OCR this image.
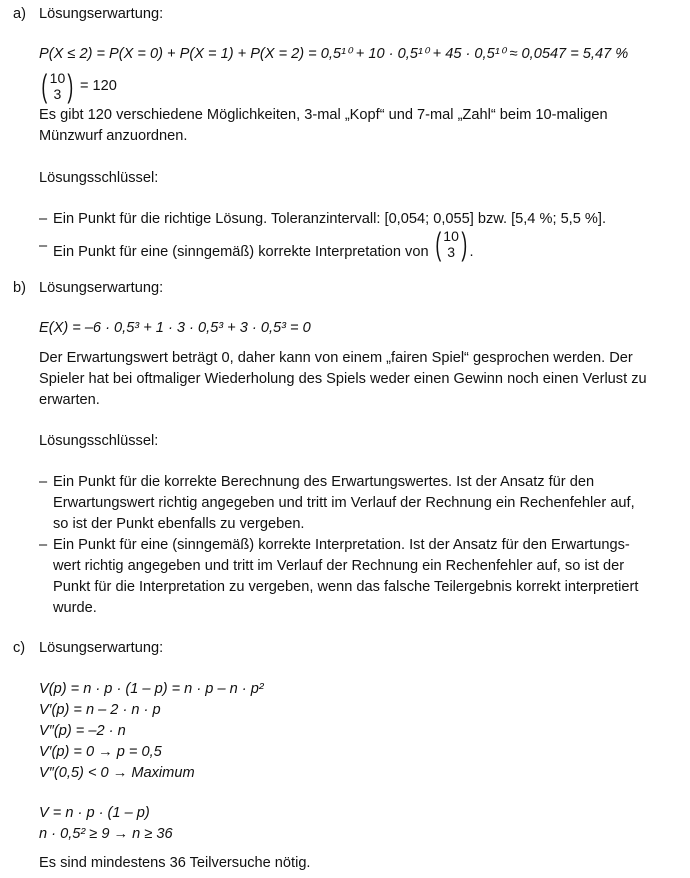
a) Lösungserwartung:
P(X ≤ 2) = P(X = 0) + P(X = 1) + P(X = 2) = 0,5¹⁰ + 10 · 0,5¹⁰ + 45 · 0,5¹⁰ ≈ 0,0547 = 5,47 %
( 10
3 ) = 120
Es gibt 120 verschiedene Möglichkeiten, 3-mal „Kopf“ und 7-mal „Zahl“ beim 10-maligen
Münzwurf anzuordnen.
Lösungsschlüssel:
– Ein Punkt für die richtige Lösung. Toleranzintervall: [0,054; 0,055] bzw. [5,4 %; 5,5 %].
– Ein Punkt für eine (sinngemäß) korrekte Interpretation von ( 10
3 ) .
b) Lösungserwartung:
E(X) = –6 · 0,5³ + 1 · 3 · 0,5³ + 3 · 0,5³ = 0
Der Erwartungswert beträgt 0, daher kann von einem „fairen Spiel“ gesprochen werden. Der
Spieler hat bei oftmaliger Wiederholung des Spiels weder einen Gewinn noch einen Verlust zu
erwarten.
Lösungsschlüssel:
– Ein Punkt für die korrekte Berechnung des Erwartungswertes. Ist der Ansatz für den
Erwartungswert richtig angegeben und tritt im Verlauf der Rechnung ein Rechenfehler auf,
so ist der Punkt ebenfalls zu vergeben.
– Ein Punkt für eine (sinngemäß) korrekte Interpretation. Ist der Ansatz für den Erwartungs-
wert richtig angegeben und tritt im Verlauf der Rechnung ein Rechenfehler auf, so ist der
Punkt für die Interpretation zu vergeben, wenn das falsche Teilergebnis korrekt interpretiert
wurde.
c) Lösungserwartung:
V(p) = n · p · (1 – p) = n · p – n · p²
V′(p) = n – 2 · n · p
V″(p) = –2 · n
V′(p) = 0 → p = 0,5
V″(0,5) < 0 → Maximum
V = n · p · (1 – p)
n · 0,5² ≥ 9 → n ≥ 36
Es sind mindestens 36 Teilversuche nötig.
